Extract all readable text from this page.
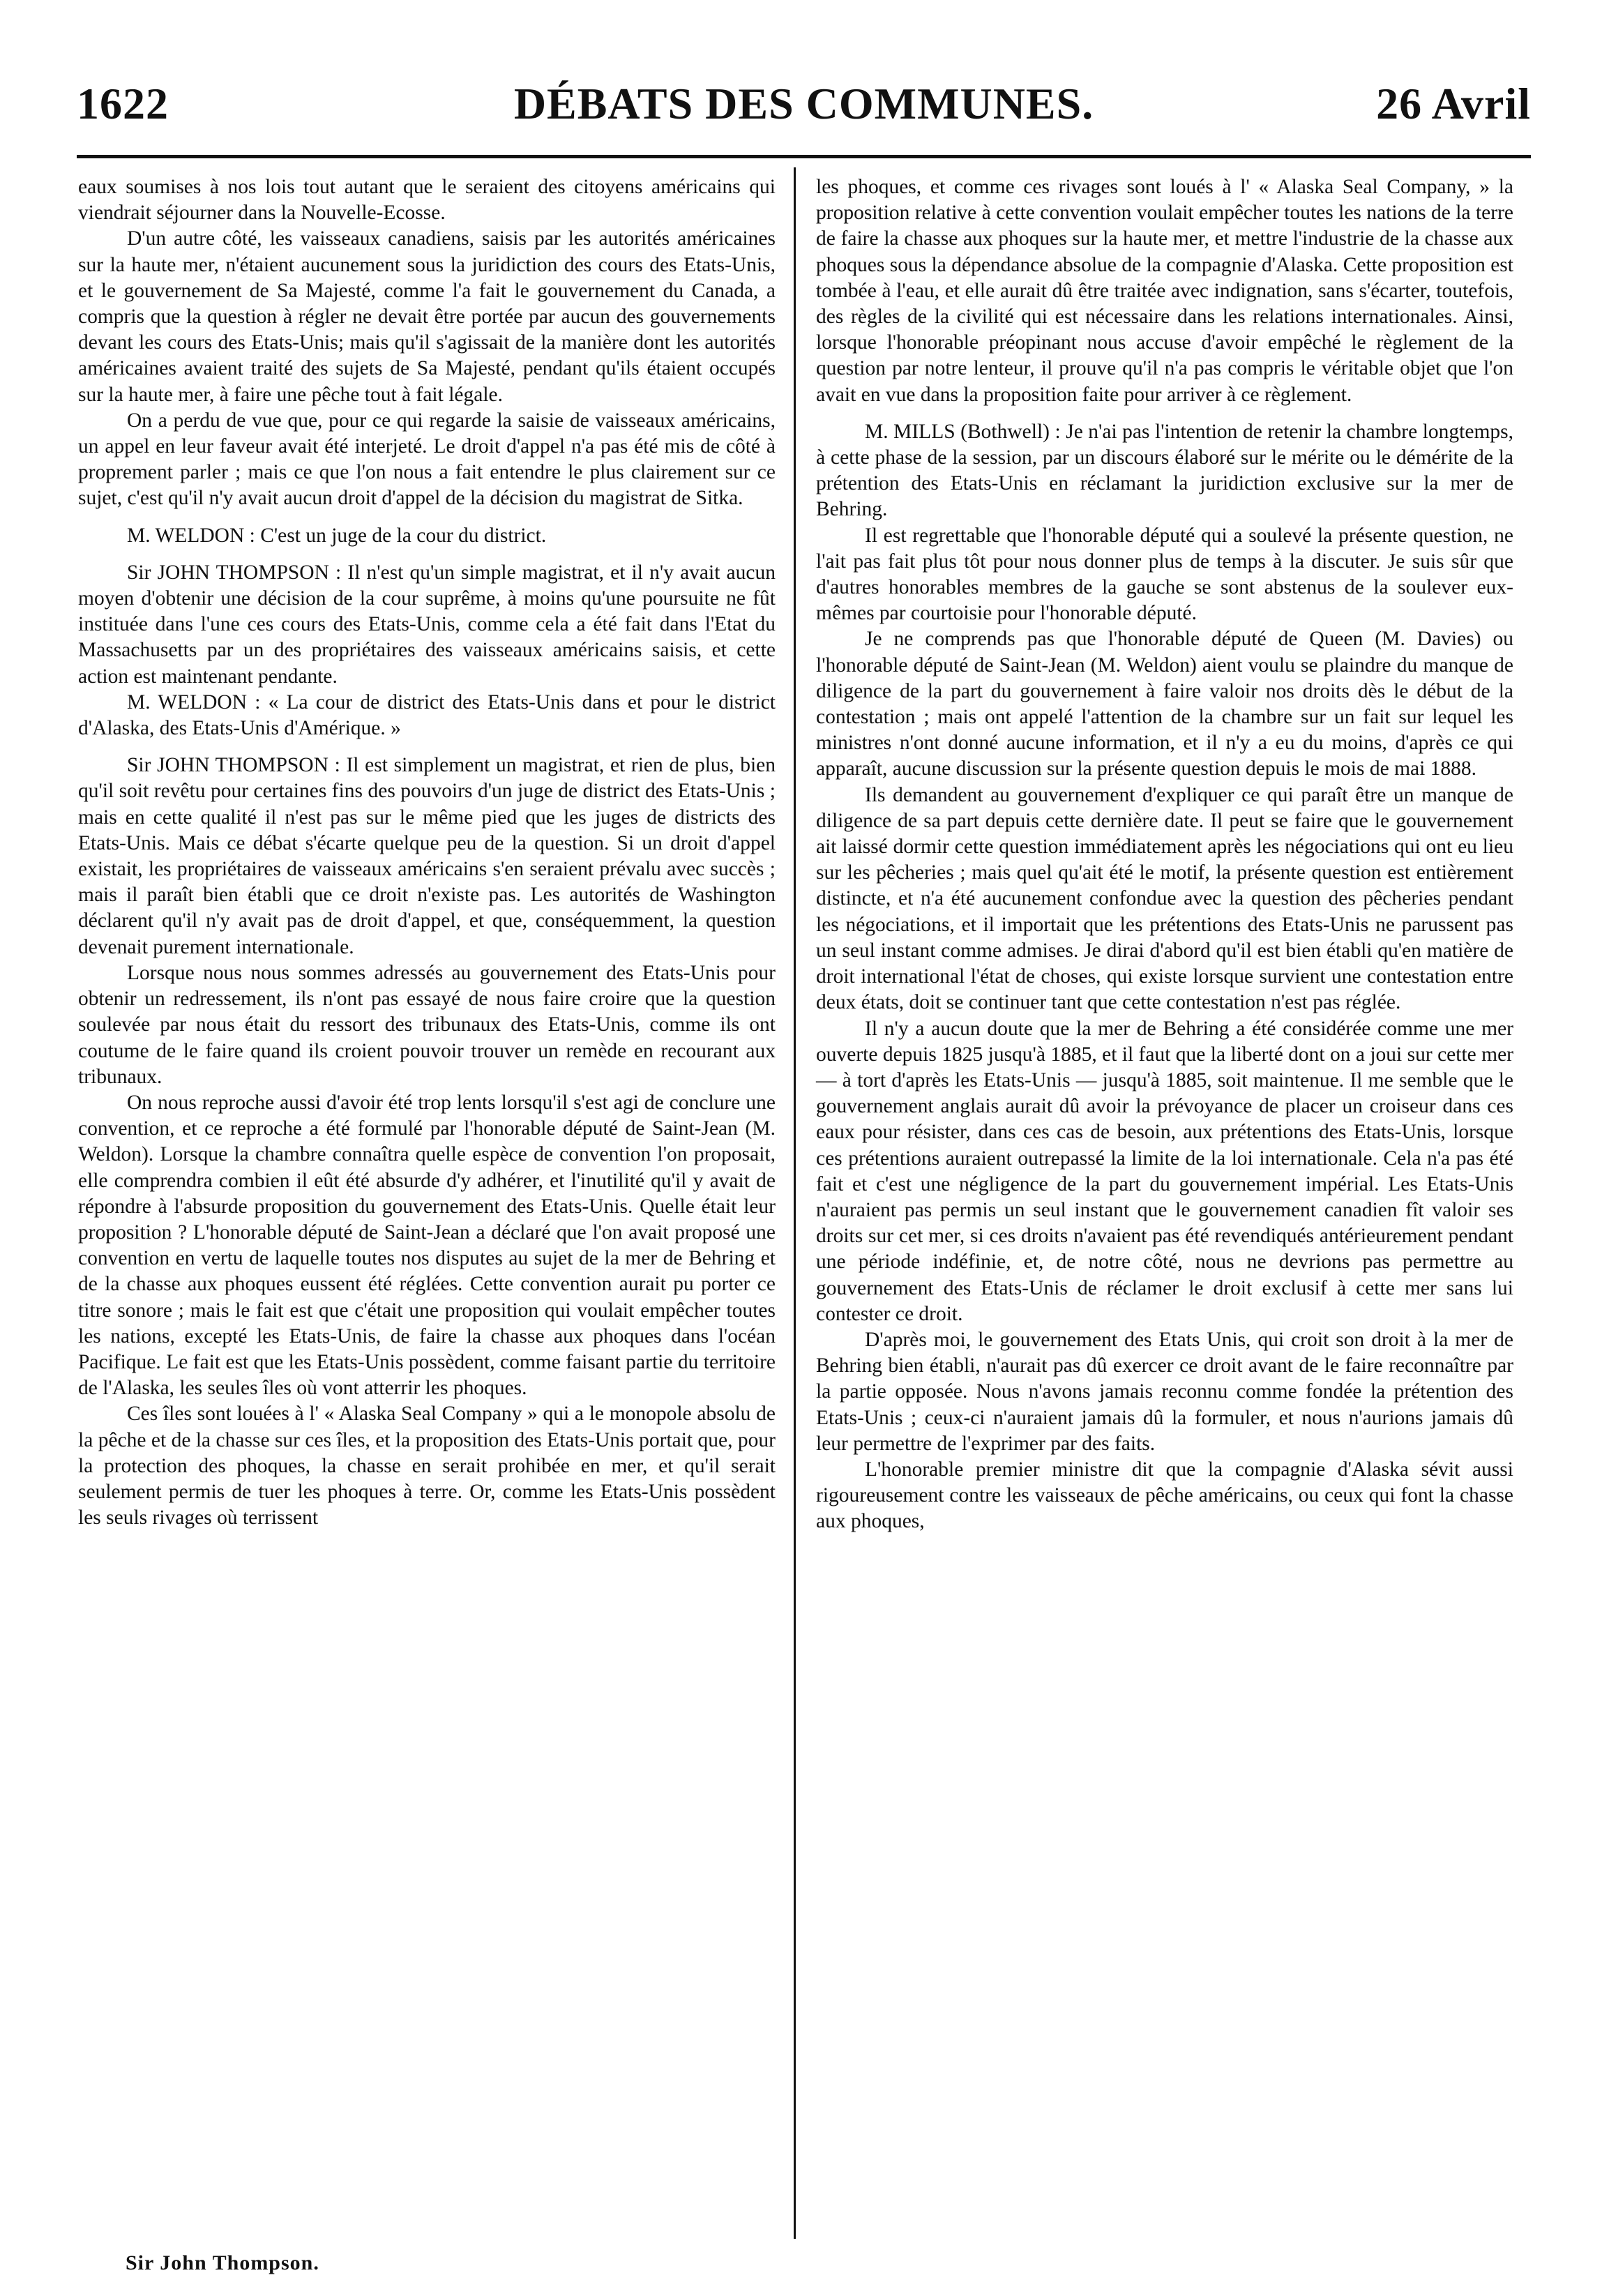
1622	DÉBATS DES COMMUNES.	26 Avril

eaux soumises à nos lois tout autant que le seraient des citoyens américains qui viendrait séjourner dans la Nouvelle-Ecosse.

D'un autre côté, les vaisseaux canadiens, saisis par les autorités américaines sur la haute mer, n'étaient aucunement sous la juridiction des cours des Etats-Unis, et le gouvernement de Sa Majesté, comme l'a fait le gouvernement du Canada, a compris que la question à régler ne devait être portée par aucun des gouvernements devant les cours des Etats-Unis; mais qu'il s'agissait de la manière dont les autorités américaines avaient traité des sujets de Sa Majesté, pendant qu'ils étaient occupés sur la haute mer, à faire une pêche tout à fait légale.

On a perdu de vue que, pour ce qui regarde la saisie de vaisseaux américains, un appel en leur faveur avait été interjeté. Le droit d'appel n'a pas été mis de côté à proprement parler ; mais ce que l'on nous a fait entendre le plus clairement sur ce sujet, c'est qu'il n'y avait aucun droit d'appel de la décision du magistrat de Sitka.

M. WELDON : C'est un juge de la cour du district.

Sir JOHN THOMPSON : Il n'est qu'un simple magistrat, et il n'y avait aucun moyen d'obtenir une décision de la cour suprême, à moins qu'une poursuite ne fût instituée dans l'une ces cours des Etats-Unis, comme cela a été fait dans l'Etat du Massachusetts par un des propriétaires des vaisseaux américains saisis, et cette action est maintenant pendante.

M. WELDON : « La cour de district des Etats-Unis dans et pour le district d'Alaska, des Etats-Unis d'Amérique. »

Sir JOHN THOMPSON : Il est simplement un magistrat, et rien de plus, bien qu'il soit revêtu pour certaines fins des pouvoirs d'un juge de district des Etats-Unis ; mais en cette qualité il n'est pas sur le même pied que les juges de districts des Etats-Unis. Mais ce débat s'écarte quelque peu de la question. Si un droit d'appel existait, les propriétaires de vaisseaux américains s'en seraient prévalu avec succès ; mais il paraît bien établi que ce droit n'existe pas. Les autorités de Washington déclarent qu'il n'y avait pas de droit d'appel, et que, conséquemment, la question devenait purement internationale.

Lorsque nous nous sommes adressés au gouvernement des Etats-Unis pour obtenir un redressement, ils n'ont pas essayé de nous faire croire que la question soulevée par nous était du ressort des tribunaux des Etats-Unis, comme ils ont coutume de le faire quand ils croient pouvoir trouver un remède en recourant aux tribunaux.

On nous reproche aussi d'avoir été trop lents lorsqu'il s'est agi de conclure une convention, et ce reproche a été formulé par l'honorable député de Saint-Jean (M. Weldon). Lorsque la chambre connaîtra quelle espèce de convention l'on proposait, elle comprendra combien il eût été absurde d'y adhérer, et l'inutilité qu'il y avait de répondre à l'absurde proposition du gouvernement des Etats-Unis. Quelle était leur proposition ? L'honorable député de Saint-Jean a déclaré que l'on avait proposé une convention en vertu de laquelle toutes nos disputes au sujet de la mer de Behring et de la chasse aux phoques eussent été réglées. Cette convention aurait pu porter ce titre sonore ; mais le fait est que c'était une proposition qui voulait empêcher toutes les nations, excepté les Etats-Unis, de faire la chasse aux phoques dans l'océan Pacifique. Le fait est que les Etats-Unis possèdent, comme faisant partie du territoire de l'Alaska, les seules îles où vont atterrir les phoques.

Ces îles sont louées à l' « Alaska Seal Company » qui a le monopole absolu de la pêche et de la chasse sur ces îles, et la proposition des Etats-Unis portait que, pour la protection des phoques, la chasse en serait prohibée en mer, et qu'il serait seulement permis de tuer les phoques à terre. Or, comme les Etats-Unis possèdent les seuls rivages où terrissent

les phoques, et comme ces rivages sont loués à l' « Alaska Seal Company, » la proposition relative à cette convention voulait empêcher toutes les nations de la terre de faire la chasse aux phoques sur la haute mer, et mettre l'industrie de la chasse aux phoques sous la dépendance absolue de la compagnie d'Alaska. Cette proposition est tombée à l'eau, et elle aurait dû être traitée avec indignation, sans s'écarter, toutefois, des règles de la civilité qui est nécessaire dans les relations internationales. Ainsi, lorsque l'honorable préopinant nous accuse d'avoir empêché le règlement de la question par notre lenteur, il prouve qu'il n'a pas compris le véritable objet que l'on avait en vue dans la proposition faite pour arriver à ce règlement.

M. MILLS (Bothwell) : Je n'ai pas l'intention de retenir la chambre longtemps, à cette phase de la session, par un discours élaboré sur le mérite ou le démérite de la prétention des Etats-Unis en réclamant la juridiction exclusive sur la mer de Behring.

Il est regrettable que l'honorable député qui a soulevé la présente question, ne l'ait pas fait plus tôt pour nous donner plus de temps à la discuter. Je suis sûr que d'autres honorables membres de la gauche se sont abstenus de la soulever eux-mêmes par courtoisie pour l'honorable député.

Je ne comprends pas que l'honorable député de Queen (M. Davies) ou l'honorable député de Saint-Jean (M. Weldon) aient voulu se plaindre du manque de diligence de la part du gouvernement à faire valoir nos droits dès le début de la contestation ; mais ont appelé l'attention de la chambre sur un fait sur lequel les ministres n'ont donné aucune information, et il n'y a eu du moins, d'après ce qui apparaît, aucune discussion sur la présente question depuis le mois de mai 1888.

Ils demandent au gouvernement d'expliquer ce qui paraît être un manque de diligence de sa part depuis cette dernière date. Il peut se faire que le gouvernement ait laissé dormir cette question immédiatement après les négociations qui ont eu lieu sur les pêcheries ; mais quel qu'ait été le motif, la présente question est entièrement distincte, et n'a été aucunement confondue avec la question des pêcheries pendant les négociations, et il importait que les prétentions des Etats-Unis ne parussent pas un seul instant comme admises. Je dirai d'abord qu'il est bien établi qu'en matière de droit international l'état de choses, qui existe lorsque survient une contestation entre deux états, doit se continuer tant que cette contestation n'est pas réglée.

Il n'y a aucun doute que la mer de Behring a été considérée comme une mer ouverte depuis 1825 jusqu'à 1885, et il faut que la liberté dont on a joui sur cette mer — à tort d'après les Etats-Unis — jusqu'à 1885, soit maintenue. Il me semble que le gouvernement anglais aurait dû avoir la prévoyance de placer un croiseur dans ces eaux pour résister, dans ces cas de besoin, aux prétentions des Etats-Unis, lorsque ces prétentions auraient outrepassé la limite de la loi internationale. Cela n'a pas été fait et c'est une négligence de la part du gouvernement impérial. Les Etats-Unis n'auraient pas permis un seul instant que le gouvernement canadien fît valoir ses droits sur cet mer, si ces droits n'avaient pas été revendiqués antérieurement pendant une période indéfinie, et, de notre côté, nous ne devrions pas permettre au gouvernement des Etats-Unis de réclamer le droit exclusif à cette mer sans lui contester ce droit.

D'après moi, le gouvernement des Etats Unis, qui croit son droit à la mer de Behring bien établi, n'aurait pas dû exercer ce droit avant de le faire reconnaître par la partie opposée. Nous n'avons jamais reconnu comme fondée la prétention des Etats-Unis ; ceux-ci n'auraient jamais dû la formuler, et nous n'aurions jamais dû leur permettre de l'exprimer par des faits.

L'honorable premier ministre dit que la compagnie d'Alaska sévit aussi rigoureusement contre les vaisseaux de pêche américains, ou ceux qui font la chasse aux phoques,

Sir John Thompson.
